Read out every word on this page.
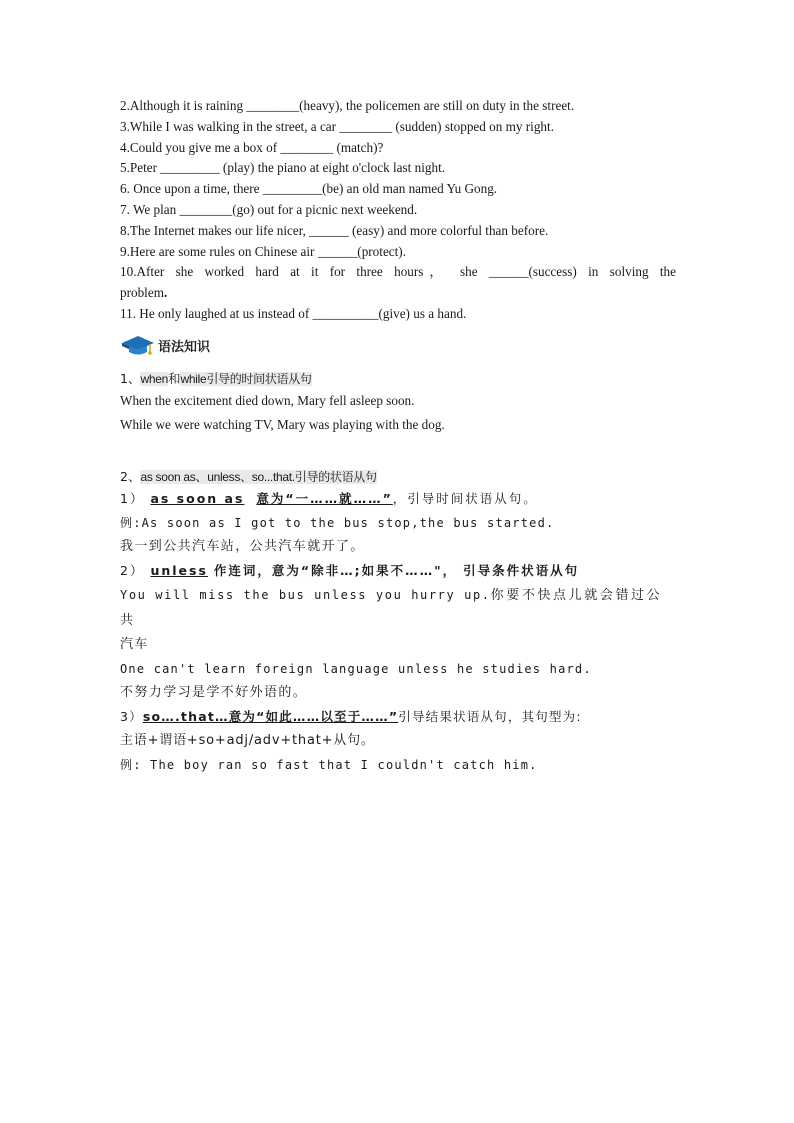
2.Although it is raining ________(heavy), the policemen are still on duty in the street.
3.While I was walking in the street, a car ________ (sudden) stopped on my right.
4.Could you give me a box of ________ (match)?
5.Peter _________ (play) the piano at eight o'clock last night.
6. Once upon a time, there _________(be) an old man named Yu Gong.
7. We plan ________(go) out for a picnic next weekend.
8.The Internet makes our life nicer, ______ (easy) and more colorful than before.
9.Here are some rules on Chinese air ______(protect).
10.After she worked hard at it for three hours， she ______(success) in solving the
problem.
11. He only laughed at us instead of __________(give) us a hand.
语法知识
1、when和while引导的时间状语从句
When the excitement died down, Mary fell asleep soon.
While we were watching TV, Mary was playing with the dog.
2、as soon as、unless、so...that.引导的状语从句
1） as soon as 意为“一……就……”，引导时间状语从句。
例:As soon as I got to the bus stop,the bus started.
我一到公共汽车站，公共汽车就开了。
2） unless 作连词，意为“除非…;如果不……"， 引导条件状语从句
You will miss the bus unless you hurry up.你要不快点儿就会错过公共
汽车
One can't learn foreign language unless he studies hard.
不努力学习是学不好外语的。
3）so….that…意为“如此……以至于……”引导结果状语从句，其句型为:
主语+谓语+so+adj/adv+that+从句。
例: The boy ran so fast that I couldn't catch him.
